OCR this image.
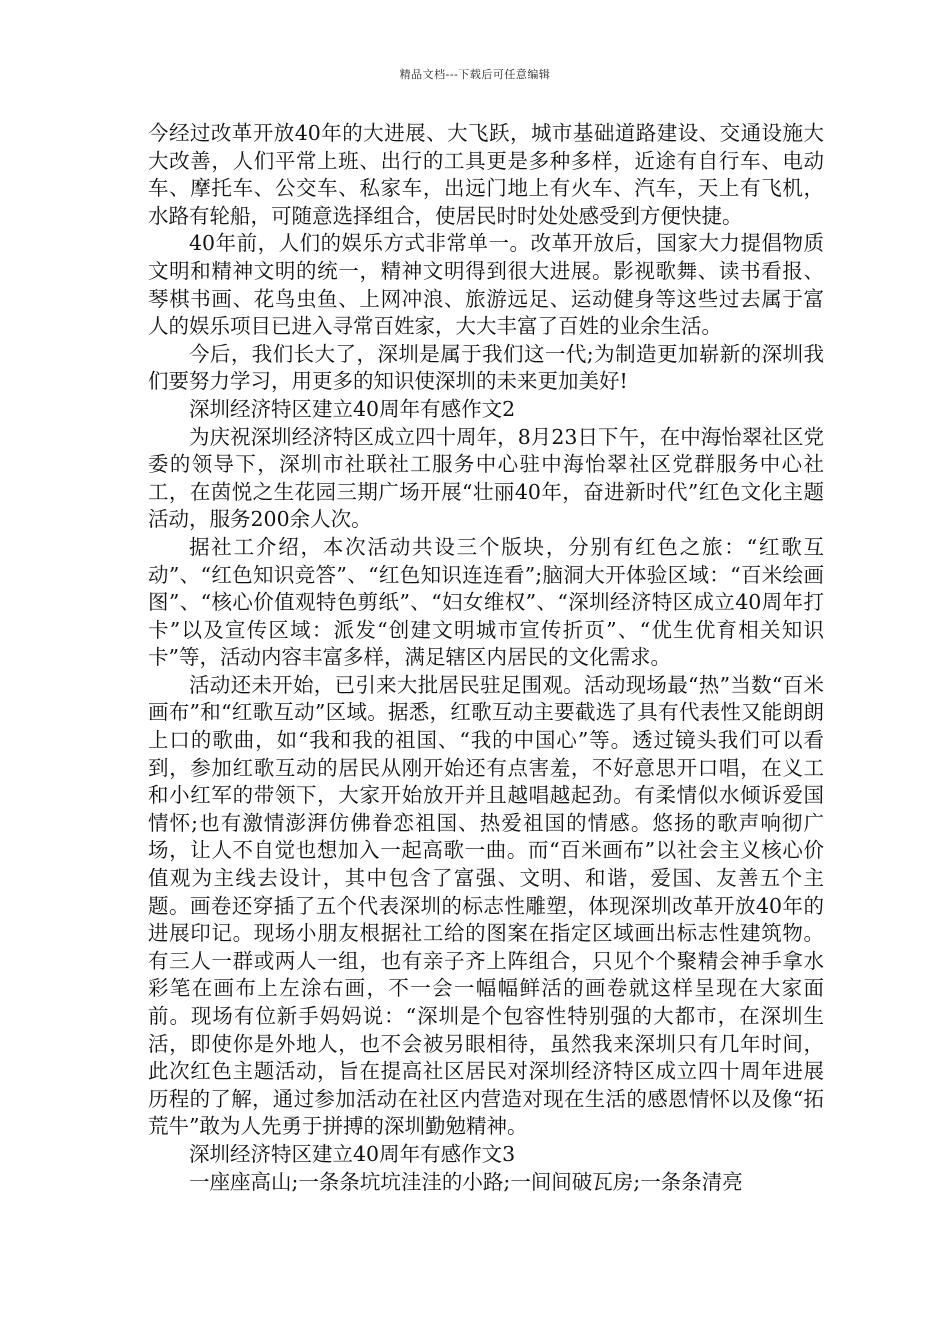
精品文档---下载后可任意编辑

今经过改革开放40年的大进展、大飞跃，城市基础道路建设、交通设施大大改善，人们平常上班、出行的工具更是多种多样，近途有自行车、电动车、摩托车、公交车、私家车，出远门地上有火车、汽车，天上有飞机，水路有轮船，可随意选择组合，使居民时时处处感受到方便快捷。

40年前，人们的娱乐方式非常单一。改革开放后，国家大力提倡物质文明和精神文明的统一，精神文明得到很大进展。影视歌舞、读书看报、琴棋书画、花鸟虫鱼、上网冲浪、旅游远足、运动健身等这些过去属于富人的娱乐项目已进入寻常百姓家，大大丰富了百姓的业余生活。

今后，我们长大了，深圳是属于我们这一代;为制造更加崭新的深圳我们要努力学习，用更多的知识使深圳的未来更加美好!

深圳经济特区建立40周年有感作文2

为庆祝深圳经济特区成立四十周年，8月23日下午，在中海怡翠社区党委的领导下，深圳市社联社工服务中心驻中海怡翠社区党群服务中心社工，在茵悦之生花园三期广场开展“壮丽40年，奋进新时代”红色文化主题活动，服务200余人次。

据社工介绍，本次活动共设三个版块，分别有红色之旅：“红歌互动”、“红色知识竞答”、“红色知识连连看”;脑洞大开体验区域：“百米绘画图”、“核心价值观特色剪纸”、“妇女维权”、“深圳经济特区成立40周年打卡”以及宣传区域：派发“创建文明城市宣传折页”、“优生优育相关知识卡”等，活动内容丰富多样，满足辖区内居民的文化需求。

活动还未开始，已引来大批居民驻足围观。活动现场最“热”当数“百米画布”和“红歌互动”区域。据悉，红歌互动主要截选了具有代表性又能朗朗上口的歌曲，如“我和我的祖国、“我的中国心”等。透过镜头我们可以看到，参加红歌互动的居民从刚开始还有点害羞，不好意思开口唱，在义工和小红军的带领下，大家开始放开并且越唱越起劲。有柔情似水倾诉爱国情怀;也有激情澎湃仿佛眷恋祖国、热爱祖国的情感。悠扬的歌声响彻广场，让人不自觉也想加入一起高歌一曲。而“百米画布”以社会主义核心价值观为主线去设计，其中包含了富强、文明、和谐，爱国、友善五个主题。画卷还穿插了五个代表深圳的标志性雕塑，体现深圳改革开放40年的进展印记。现场小朋友根据社工给的图案在指定区域画出标志性建筑物。有三人一群或两人一组，也有亲子齐上阵组合，只见个个聚精会神手拿水彩笔在画布上左涂右画，不一会一幅幅鲜活的画卷就这样呈现在大家面前。现场有位新手妈妈说：“深圳是个包容性特别强的大都市，在深圳生活，即使你是外地人，也不会被另眼相待，虽然我来深圳只有几年时间，此次红色主题活动，旨在提高社区居民对深圳经济特区成立四十周年进展历程的了解，通过参加活动在社区内营造对现在生活的感恩情怀以及像“拓荒牛”敢为人先勇于拼搏的深圳勤勉精神。

深圳经济特区建立40周年有感作文3

一座座高山;一条条坑坑洼洼的小路;一间间破瓦房;一条条清亮
